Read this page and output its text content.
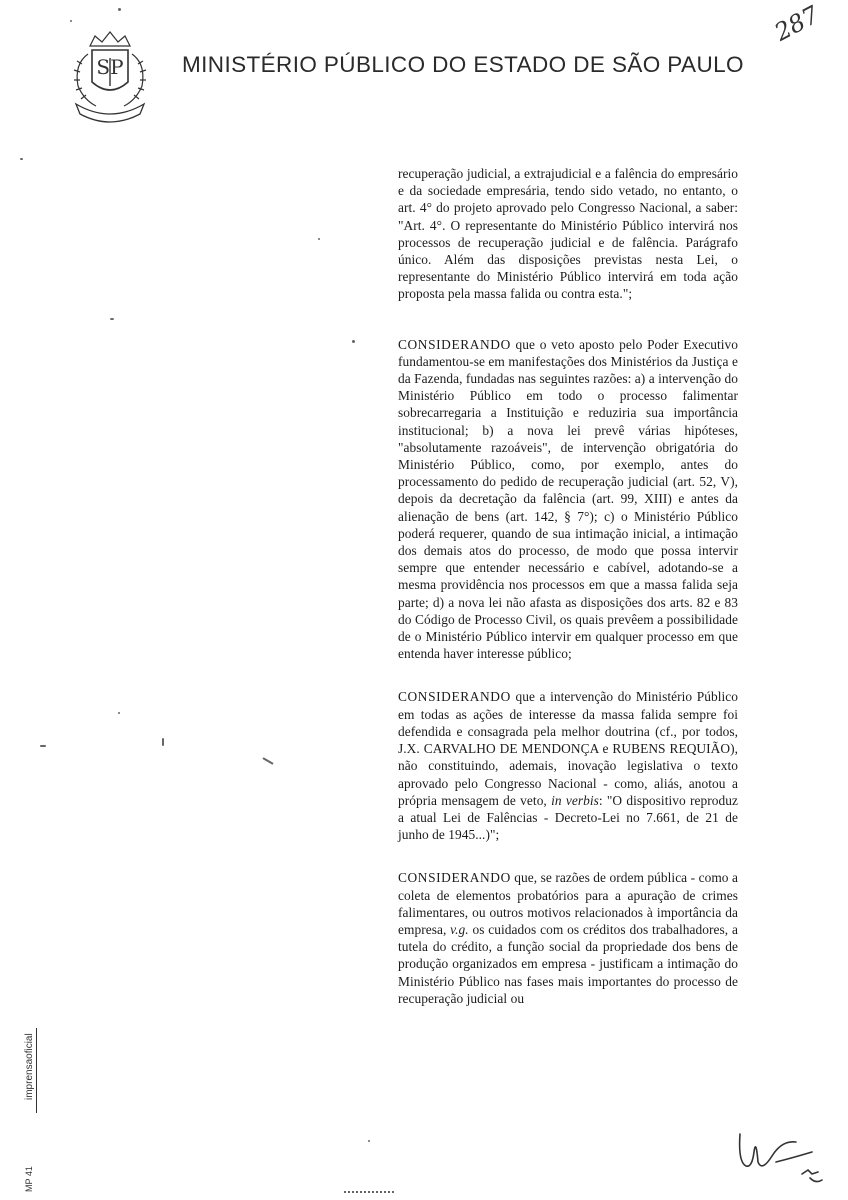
SP	MINISTÉRIO PÚBLICO DO ESTADO DE SÃO PAULO
287
imprensaoficial
MP 41

recuperação judicial, a extrajudicial e a falência do empresário e da sociedade empresária, tendo sido vetado, no entanto, o art. 4° do projeto aprovado pelo Congresso Nacional, a saber: "Art. 4°. O representante do Ministério Público intervirá nos processos de recuperação judicial e de falência. Parágrafo único. Além das disposições previstas nesta Lei, o representante do Ministério Público intervirá em toda ação proposta pela massa falida ou contra esta.";

CONSIDERANDO que o veto aposto pelo Poder Executivo fundamentou-se em manifestações dos Ministérios da Justiça e da Fazenda, fundadas nas seguintes razões: a) a intervenção do Ministério Público em todo o processo falimentar sobrecarregaria a Instituição e reduziria sua importância institucional; b) a nova lei prevê várias hipóteses, "absolutamente razoáveis", de intervenção obrigatória do Ministério Público, como, por exemplo, antes do processamento do pedido de recuperação judicial (art. 52, V), depois da decretação da falência (art. 99, XIII) e antes da alienação de bens (art. 142, § 7°); c) o Ministério Público poderá requerer, quando de sua intimação inicial, a intimação dos demais atos do processo, de modo que possa intervir sempre que entender necessário e cabível, adotando-se a mesma providência nos processos em que a massa falida seja parte; d) a nova lei não afasta as disposições dos arts. 82 e 83 do Código de Processo Civil, os quais prevêem a possibilidade de o Ministério Público intervir em qualquer processo em que entenda haver interesse público;

CONSIDERANDO que a intervenção do Ministério Público em todas as ações de interesse da massa falida sempre foi defendida e consagrada pela melhor doutrina (cf., por todos, J.X. CARVALHO DE MENDONÇA e RUBENS REQUIÃO), não constituindo, ademais, inovação legislativa o texto aprovado pelo Congresso Nacional - como, aliás, anotou a própria mensagem de veto, in verbis: "O dispositivo reproduz a atual Lei de Falências - Decreto-Lei no 7.661, de 21 de junho de 1945...)";

CONSIDERANDO que, se razões de ordem pública - como a coleta de elementos probatórios para a apuração de crimes falimentares, ou outros motivos relacionados à importância da empresa, v.g. os cuidados com os créditos dos trabalhadores, a tutela do crédito, a função social da propriedade dos bens de produção organizados em empresa - justificam a intimação do Ministério Público nas fases mais importantes do processo de recuperação judicial ou
